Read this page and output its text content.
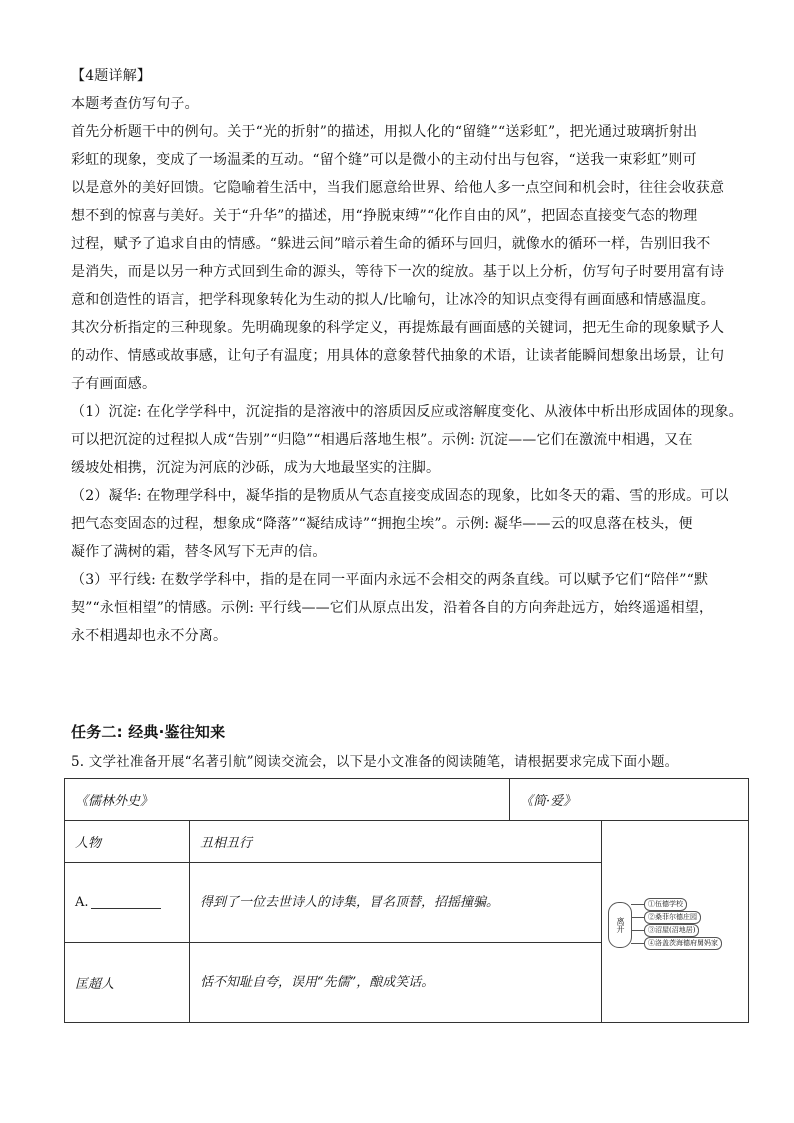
【4题详解】
本题考查仿写句子。
首先分析题干中的例句。关于“光的折射”的描述，用拟人化的“留缝”“送彩虹”，把光通过玻璃折射出
彩虹的现象，变成了一场温柔的互动。“留个缝”可以是微小的主动付出与包容，“送我一束彩虹”则可
以是意外的美好回馈。它隐喻着生活中，当我们愿意给世界、给他人多一点空间和机会时，往往会收获意
想不到的惊喜与美好。关于“升华”的描述，用“挣脱束缚”“化作自由的风”，把固态直接变气态的物理
过程，赋予了追求自由的情感。“躲进云间”暗示着生命的循环与回归，就像水的循环一样，告别旧我不
是消失，而是以另一种方式回到生命的源头，等待下一次的绽放。基于以上分析，仿写句子时要用富有诗
意和创造性的语言，把学科现象转化为生动的拟人/比喻句，让冰冷的知识点变得有画面感和情感温度。
其次分析指定的三种现象。先明确现象的科学定义，再提炼最有画面感的关键词，把无生命的现象赋予人
的动作、情感或故事感，让句子有温度；用具体的意象替代抽象的术语，让读者能瞬间想象出场景，让句
子有画面感。
（1）沉淀: 在化学学科中，沉淀指的是溶液中的溶质因反应或溶解度变化、从液体中析出形成固体的现象。
可以把沉淀的过程拟人成“告别”“归隐”“相遇后落地生根”。示例: 沉淀——它们在激流中相遇，又在
缓坡处相携，沉淀为河底的沙砾，成为大地最坚实的注脚。
（2）凝华: 在物理学科中，凝华指的是物质从气态直接变成固态的现象，比如冬天的霜、雪的形成。可以
把气态变固态的过程，想象成“降落”“凝结成诗”“拥抱尘埃”。示例: 凝华——云的叹息落在枝头，便
凝作了满树的霜，替冬风写下无声的信。
（3）平行线: 在数学学科中，指的是在同一平面内永远不会相交的两条直线。可以赋予它们“陪伴”“默
契”“永恒相望”的情感。示例: 平行线——它们从原点出发，沿着各自的方向奔赴远方，始终遥遥相望，
永不相遇却也永不分离。
任务二: 经典·鉴往知来
5. 文学社准备开展“名著引航”阅读交流会，以下是小文准备的阅读随笔，请根据要求完成下面小题。
《儒林外史》		《简·爱》	
人物	丑相丑行		离开
①伍德学校
②桑菲尔德庄园
③沼屋(沼地居)
④洛盖茨海德府舅妈家

A.	得到了一位去世诗人的诗集，冒名顶替，招摇撞骗。		
匡超人	恬不知耻自夸，误用“先儒”，酿成笑话。		
